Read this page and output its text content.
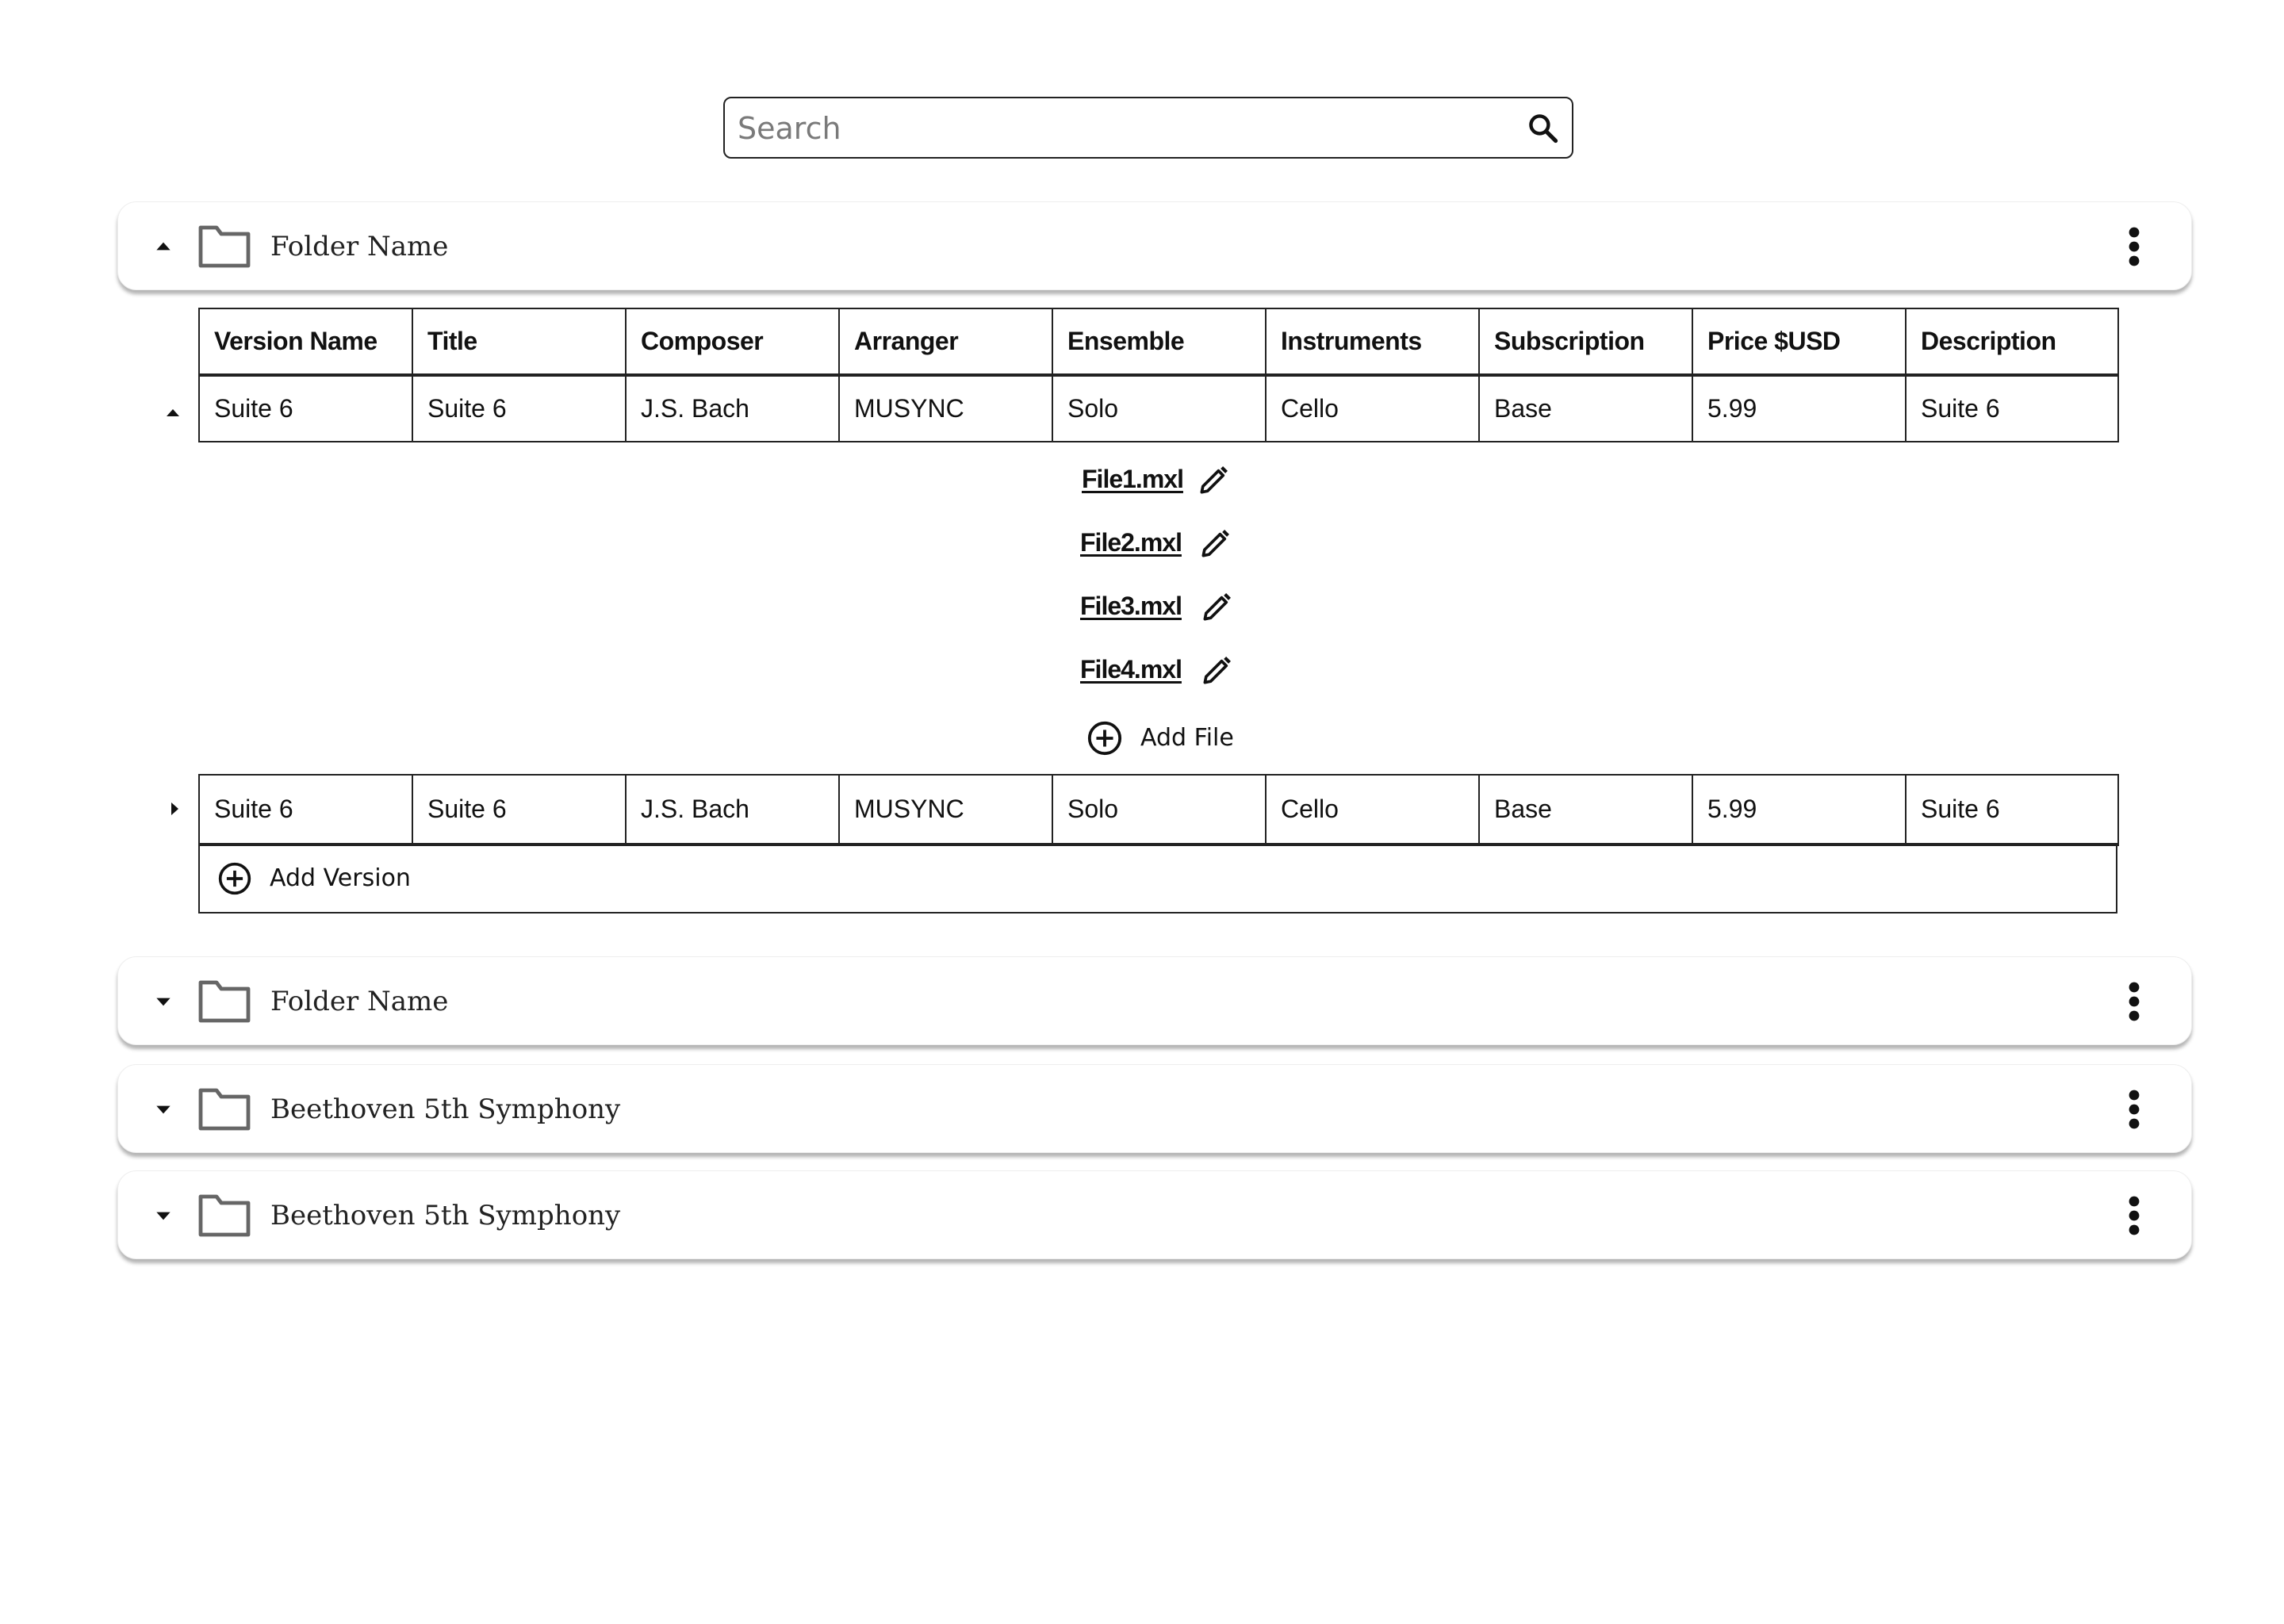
Search
Folder Name
Version Name	Title	Composer	Arranger	Ensemble	Instruments	Subscription	Price $USD	Description
Suite 6	Suite 6	J.S. Bach	MUSYNC	Solo	Cello	Base	5.99	Suite 6
File1.mxl
File2.mxl
File3.mxl
File4.mxl
Add File
Suite 6	Suite 6	J.S. Bach	MUSYNC	Solo	Cello	Base	5.99	Suite 6
Add Version
Folder Name
Beethoven 5th Symphony
Beethoven 5th Symphony
